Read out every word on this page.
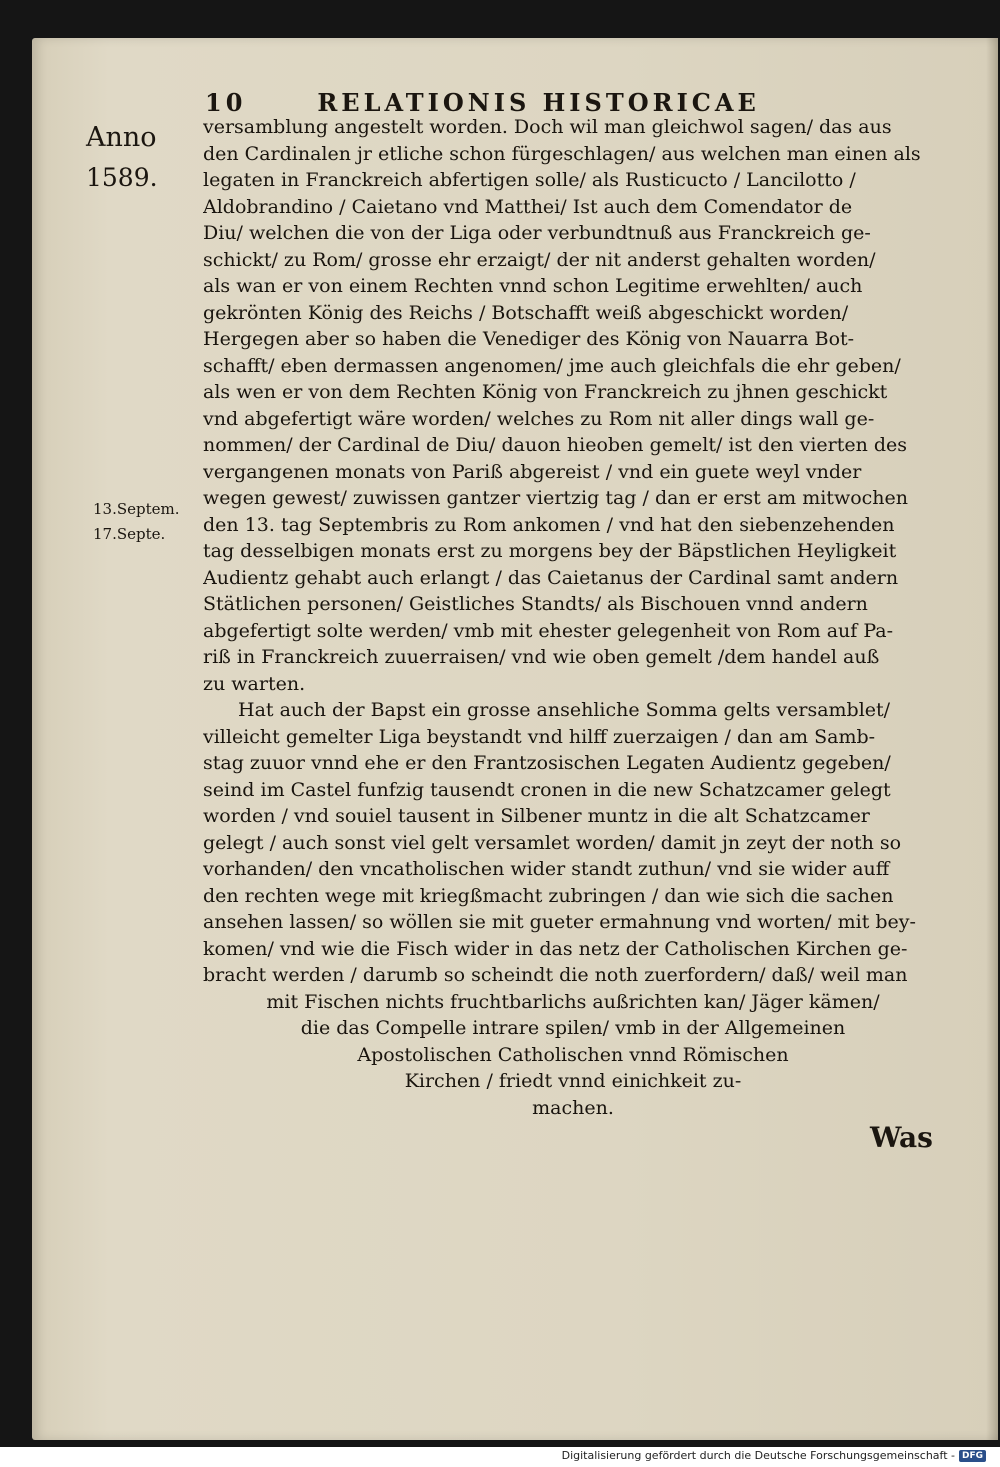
10	RELATIONIS HISTORICAE
Anno
1589.
13.Septem.
17.Septe.
versamblung angestelt worden. Doch wil man gleichwol sagen/ das aus
den Cardinalen jr etliche schon fürgeschlagen/ aus welchen man einen als
legaten in Franckreich abfertigen solle/ als Rusticucto / Lancilotto /
Aldobrandino / Caietano vnd Matthei/ Ist auch dem Comendator de
Diu/ welchen die von der Liga oder verbundtnuß aus Franckreich ge-
schickt/ zu Rom/ grosse ehr erzaigt/ der nit anderst gehalten worden/
als wan er von einem Rechten vnnd schon Legitime erwehlten/ auch
gekrönten König des Reichs / Botschafft weiß abgeschickt worden/
Hergegen aber so haben die Venediger des König von Nauarra Bot-
schafft/ eben dermassen angenomen/ jme auch gleichfals die ehr geben/
als wen er von dem Rechten König von Franckreich zu jhnen geschickt
vnd abgefertigt wäre worden/ welches zu Rom nit aller dings wall ge-
nommen/ der Cardinal de Diu/ dauon hieoben gemelt/ ist den vierten des
vergangenen monats von Pariß abgereist / vnd ein guete weyl vnder
wegen gewest/ zuwissen gantzer viertzig tag / dan er erst am mitwochen
den 13. tag Septembris zu Rom ankomen / vnd hat den siebenzehenden
tag desselbigen monats erst zu morgens bey der Bäpstlichen Heyligkeit
Audientz gehabt auch erlangt / das Caietanus der Cardinal samt andern
Stätlichen personen/ Geistliches Standts/ als Bischouen vnnd andern
abgefertigt solte werden/ vmb mit ehester gelegenheit von Rom auf Pa-
riß in Franckreich zuuerraisen/ vnd wie oben gemelt /dem handel auß
zu warten.
Hat auch der Bapst ein grosse ansehliche Somma gelts versamblet/
villeicht gemelter Liga beystandt vnd hilff zuerzaigen / dan am Samb-
stag zuuor vnnd ehe er den Frantzosischen Legaten Audientz gegeben/
seind im Castel funfzig tausendt cronen in die new Schatzcamer gelegt
worden / vnd souiel tausent in Silbener muntz in die alt Schatzcamer
gelegt / auch sonst viel gelt versamlet worden/ damit jn zeyt der noth so
vorhanden/ den vncatholischen wider standt zuthun/ vnd sie wider auff
den rechten wege mit kriegßmacht zubringen / dan wie sich die sachen
ansehen lassen/ so wöllen sie mit gueter ermahnung vnd worten/ mit bey-
komen/ vnd wie die Fisch wider in das netz der Catholischen Kirchen ge-
bracht werden / darumb so scheindt die noth zuerfordern/ daß/ weil man
mit Fischen nichts fruchtbarlichs außrichten kan/ Jäger kämen/
die das Compelle intrare spilen/ vmb in der Allgemeinen
Apostolischen Catholischen vnnd Römischen
Kirchen / friedt vnnd einichkeit zu-
machen.
Was
Digitalisierung gefördert durch die Deutsche Forschungsgemeinschaft - DFG
